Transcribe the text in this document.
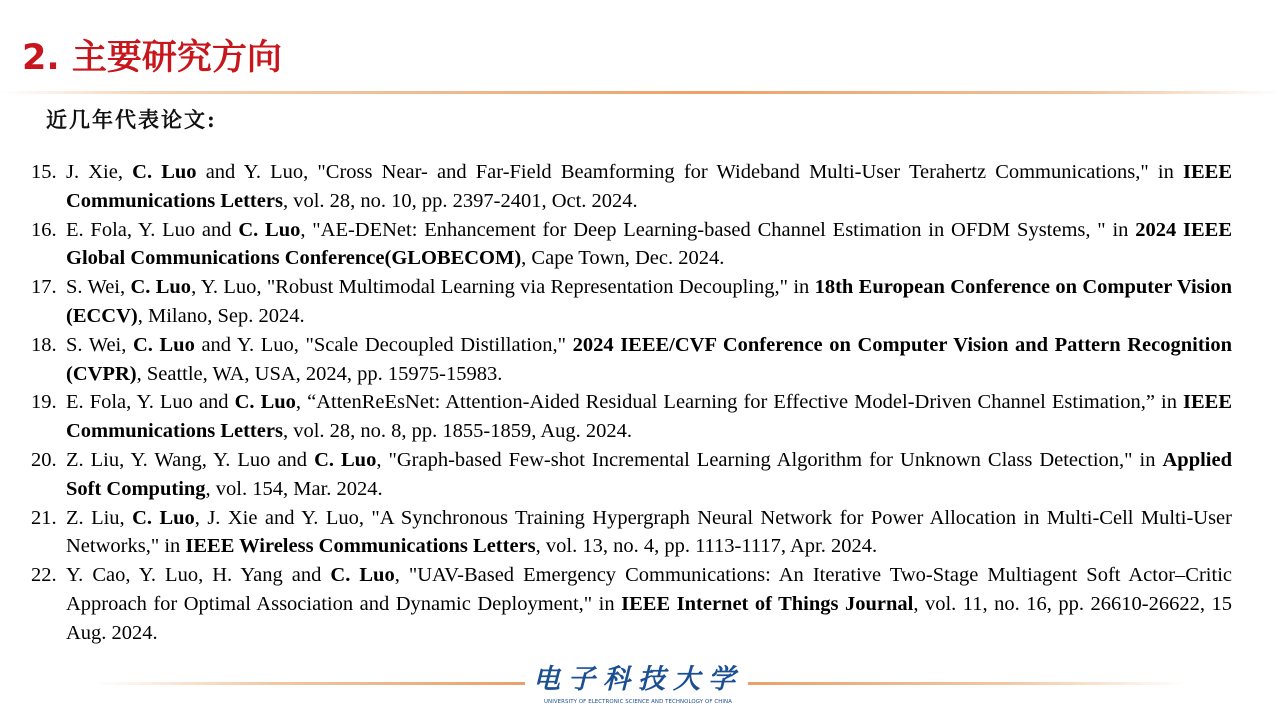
2. 主要研究方向
近几年代表论文:
15. J. Xie, C. Luo and Y. Luo, "Cross Near- and Far-Field Beamforming for Wideband Multi-User Terahertz Communications," in IEEE Communications Letters, vol. 28, no. 10, pp. 2397-2401, Oct. 2024.
16. E. Fola, Y. Luo and C. Luo, "AE-DENet: Enhancement for Deep Learning-based Channel Estimation in OFDM Systems, " in 2024 IEEE Global Communications Conference(GLOBECOM), Cape Town, Dec. 2024.
17. S. Wei, C. Luo, Y. Luo, "Robust Multimodal Learning via Representation Decoupling," in 18th European Conference on Computer Vision (ECCV), Milano, Sep. 2024.
18. S. Wei, C. Luo and Y. Luo, "Scale Decoupled Distillation," 2024 IEEE/CVF Conference on Computer Vision and Pattern Recognition (CVPR), Seattle, WA, USA, 2024, pp. 15975-15983.
19. E. Fola, Y. Luo and C. Luo, “AttenReEsNet: Attention-Aided Residual Learning for Effective Model-Driven Channel Estimation,” in IEEE Communications Letters, vol. 28, no. 8, pp. 1855-1859, Aug. 2024.
20. Z. Liu, Y. Wang, Y. Luo and C. Luo, "Graph-based Few-shot Incremental Learning Algorithm for Unknown Class Detection," in Applied Soft Computing, vol. 154, Mar. 2024.
21. Z. Liu, C. Luo, J. Xie and Y. Luo, "A Synchronous Training Hypergraph Neural Network for Power Allocation in Multi-Cell Multi-User Networks," in IEEE Wireless Communications Letters, vol. 13, no. 4, pp. 1113-1117, Apr. 2024.
22. Y. Cao, Y. Luo, H. Yang and C. Luo, "UAV-Based Emergency Communications: An Iterative Two-Stage Multiagent Soft Actor–Critic Approach for Optimal Association and Dynamic Deployment," in IEEE Internet of Things Journal, vol. 11, no. 16, pp. 26610-26622, 15 Aug. 2024.
电子科技大学
UNIVERSITY OF ELECTRONIC SCIENCE AND TECHNOLOGY OF CHINA
